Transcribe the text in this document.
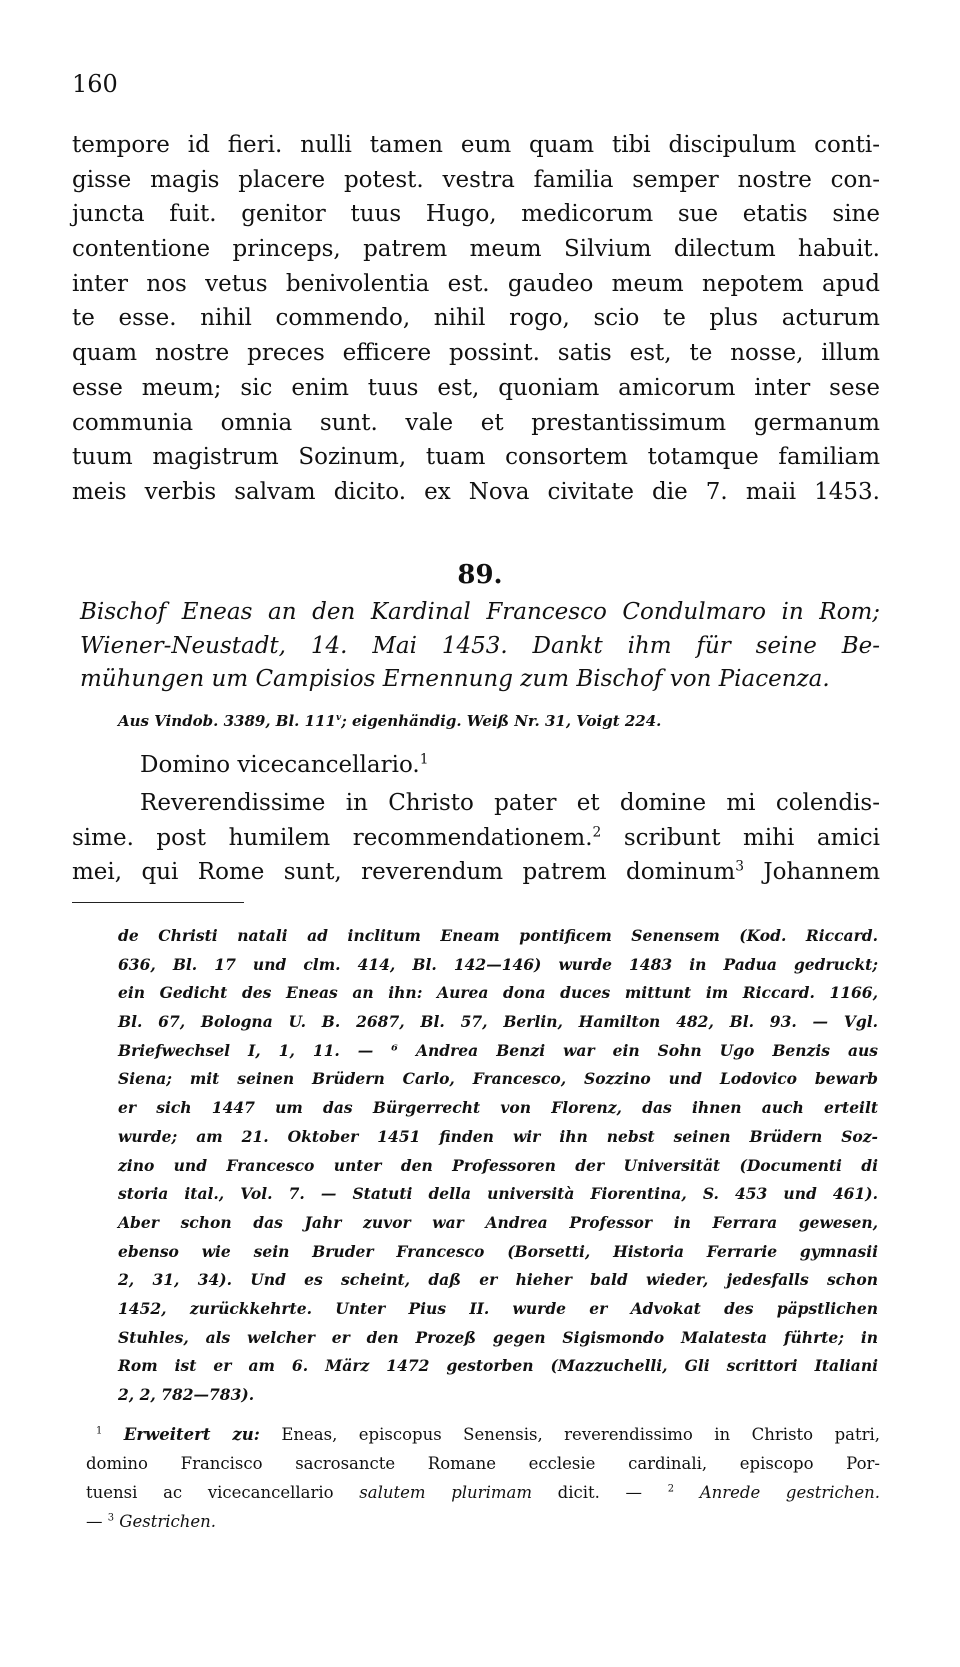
160
tempore id fieri. nulli tamen eum quam tibi discipulum conti-
gisse magis placere potest. vestra familia semper nostre con-
juncta fuit. genitor tuus Hugo, medicorum sue etatis sine
contentione princeps, patrem meum Silvium dilectum habuit.
inter nos vetus benivolentia est. gaudeo meum nepotem apud
te esse. nihil commendo, nihil rogo, scio te plus acturum
quam nostre preces efficere possint. satis est, te nosse, illum
esse meum; sic enim tuus est, quoniam amicorum inter sese
communia omnia sunt. vale et prestantissimum germanum
tuum magistrum Sozinum, tuam consortem totamque familiam
meis verbis salvam dicito. ex Nova civitate die 7. maii 1453.
89.
Bischof Eneas an den Kardinal Francesco Condulmaro in Rom;
Wiener-Neustadt, 14. Mai 1453. Dankt ihm für seine Be-
mühungen um Campisios Ernennung zum Bischof von Piacenza.
Aus Vindob. 3389, Bl. 111$^v$; eigenhändig. Weiß Nr. 31, Voigt 224.
Domino vicecancellario.$^1$
Reverendissime in Christo pater et domine mi colendis-
sime. post humilem recommendationem.$^2$ scribunt mihi amici
mei, qui Rome sunt, reverendum patrem dominum$^3$ Johannem
de Christi natali ad inclitum Eneam pontificem Senensem (Kod. Riccard.
636, Bl. 17 und clm. 414, Bl. 142—146) wurde 1483 in Padua gedruckt;
ein Gedicht des Eneas an ihn: Aurea dona duces mittunt im Riccard. 1166,
Bl. 67, Bologna U. B. 2687, Bl. 57, Berlin, Hamilton 482, Bl. 93. — Vgl.
Briefwechsel I, 1, 11. — ⁶ Andrea Benzi war ein Sohn Ugo Benzis aus
Siena; mit seinen Brüdern Carlo, Francesco, Sozzino und Lodovico bewarb
er sich 1447 um das Bürgerrecht von Florenz, das ihnen auch erteilt
wurde; am 21. Oktober 1451 finden wir ihn nebst seinen Brüdern Soz-
zino und Francesco unter den Professoren der Universität (Documenti di
storia ital., Vol. 7. — Statuti della università Fiorentina, S. 453 und 461).
Aber schon das Jahr zuvor war Andrea Professor in Ferrara gewesen,
ebenso wie sein Bruder Francesco (Borsetti, Historia Ferrarie gymnasii
2, 31, 34). Und es scheint, daß er hieher bald wieder, jedesfalls schon
1452, zurückkehrte. Unter Pius II. wurde er Advokat des päpstlichen
Stuhles, als welcher er den Prozeß gegen Sigismondo Malatesta führte; in
Rom ist er am 6. März 1472 gestorben (Mazzuchelli, Gli scrittori Italiani
2, 2, 782—783).
$^1$ Erweitert zu: Eneas, episcopus Senensis, reverendissimo in Christo patri,
domino Francisco sacrosancte Romane ecclesie cardinali, episcopo Por-
tuensi ac vicecancellario salutem plurimam dicit. — $^2$ Anrede gestrichen.
— $^3$ Gestrichen.
